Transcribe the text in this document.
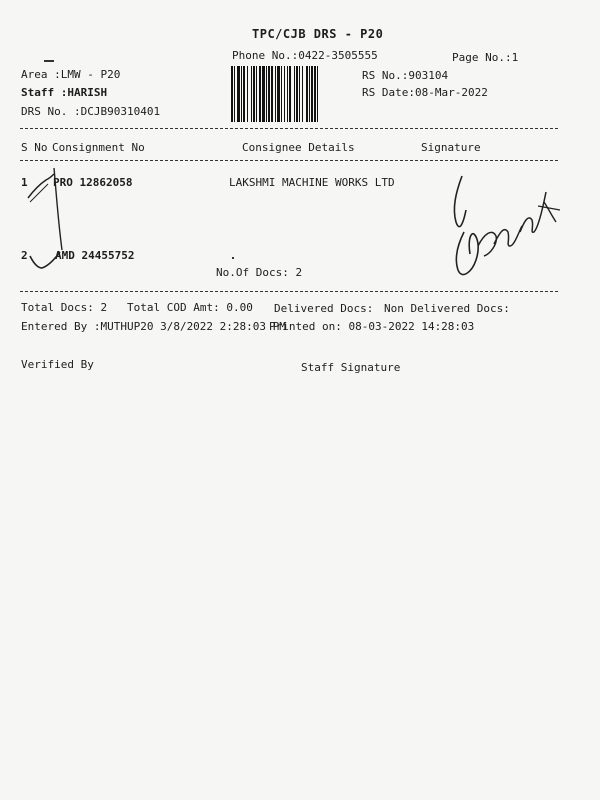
TPC/CJB DRS - P20
Phone No.:0422-3505555	Page No.:1
Area :LMW - P20
Staff :HARISH
DRS No. :DCJB90310401
RS No.:903104
RS Date:08-Mar-2022
S No Consignment No	Consignee Details	Signature
1 PRO 12862058	LAKSHMI MACHINE WORKS LTD
2 AMD 24455752
No.Of Docs: 2
Total Docs: 2 Total COD Amt: 0.00 Delivered Docs: Non Delivered Docs:
Entered By :MUTHUP20 3/8/2022 2:28:03 PM
Printed on: 08-03-2022 14:28:03
Verified By	Staff Signature
